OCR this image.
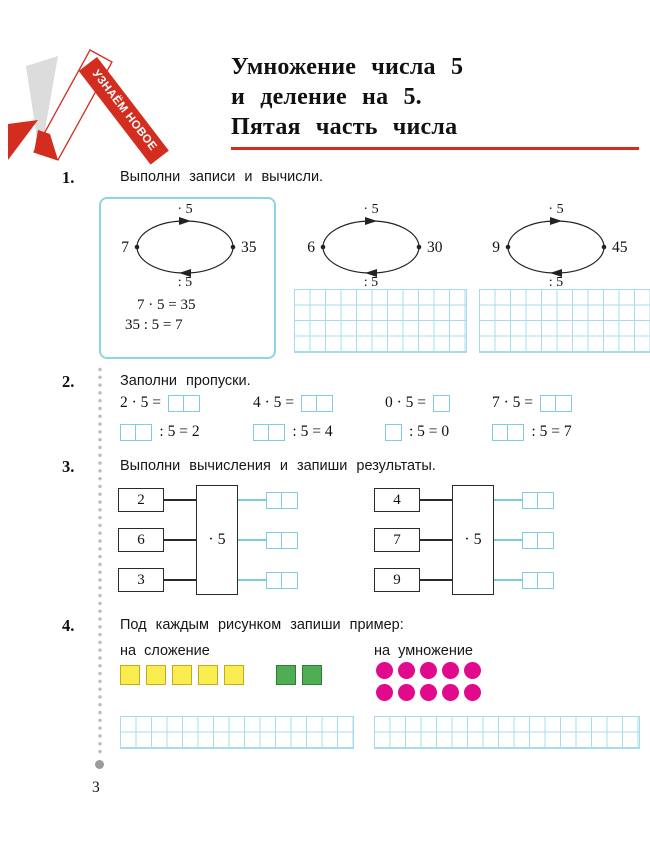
УЗНАЁМ НОВОЕ
Умножение числа 5
и деление на 5.
Пятая часть числа
1.	Выполни записи и вычисли.
7	35
· 5
: 5
6	30
· 5
: 5
9	45
· 5
: 5
7 · 5 = 35
35 : 5 = 7
2.	Заполни пропуски.
2 · 5 =	4 · 5 =	0 · 5 =	7 · 5 =
: 5 = 2	: 5 = 4	: 5 = 0	: 5 = 7
3.	Выполни вычисления и запиши результаты.
2
6
3
· 5
4
7
9
· 5
4.	Под каждым рисунком запиши пример:
на сложение	на умножение
3
